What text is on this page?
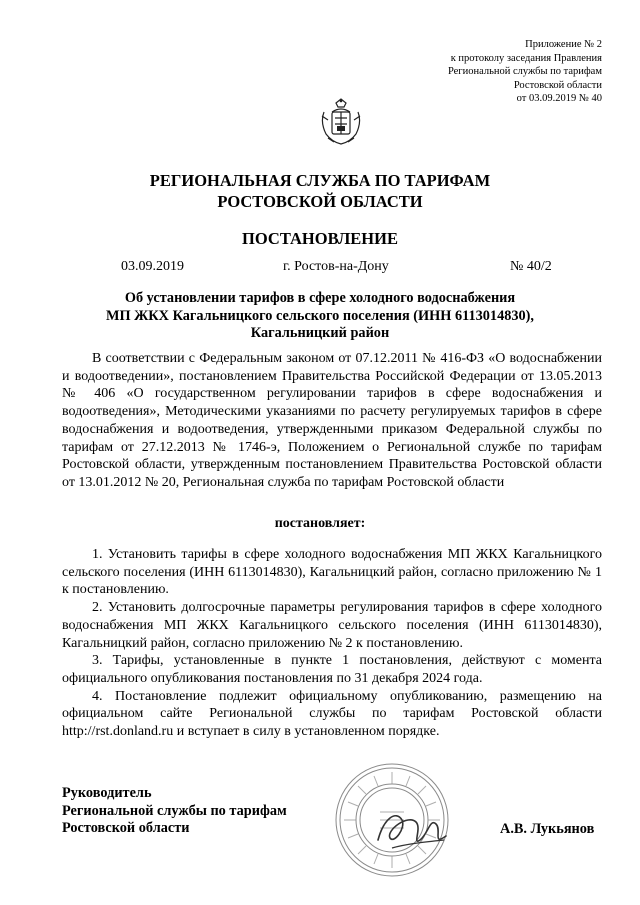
Приложение № 2
к протоколу заседания Правления
Региональной службы по тарифам
Ростовской области
от 03.09.2019 № 40
РЕГИОНАЛЬНАЯ СЛУЖБА ПО ТАРИФАМ
РОСТОВСКОЙ ОБЛАСТИ
ПОСТАНОВЛЕНИЕ
03.09.2019	г. Ростов-на-Дону	№ 40/2
Об установлении тарифов в сфере холодного водоснабжения
МП ЖКХ Кагальницкого сельского поселения (ИНН 6113014830),
Кагальницкий район
В соответствии с Федеральным законом от 07.12.2011 № 416-ФЗ «О водоснабжении и водоотведении», постановлением Правительства Российской Федерации от 13.05.2013 № 406 «О государственном регулировании тарифов в сфере водоснабжения и водоотведения», Методическими указаниями по расчету регулируемых тарифов в сфере водоснабжения и водоотведения, утвержденными приказом Федеральной службы по тарифам от 27.12.2013 № 1746-э, Положением о Региональной службе по тарифам Ростовской области, утвержденным постановлением Правительства Ростовской области от 13.01.2012 № 20, Региональная служба по тарифам Ростовской области
постановляет:
1. Установить тарифы в сфере холодного водоснабжения МП ЖКХ Кагальницкого сельского поселения (ИНН 6113014830), Кагальницкий район, согласно приложению № 1 к постановлению.
2. Установить долгосрочные параметры регулирования тарифов в сфере холодного водоснабжения МП ЖКХ Кагальницкого сельского поселения (ИНН 6113014830), Кагальницкий район, согласно приложению № 2 к постановлению.
3. Тарифы, установленные в пункте 1 постановления, действуют с момента официального опубликования постановления по 31 декабря 2024 года.
4. Постановление подлежит официальному опубликованию, размещению на официальном сайте Региональной службы по тарифам Ростовской области http://rst.donland.ru и вступает в силу в установленном порядке.
Руководитель
Региональной службы по тарифам
Ростовской области	А.В. Лукьянов
